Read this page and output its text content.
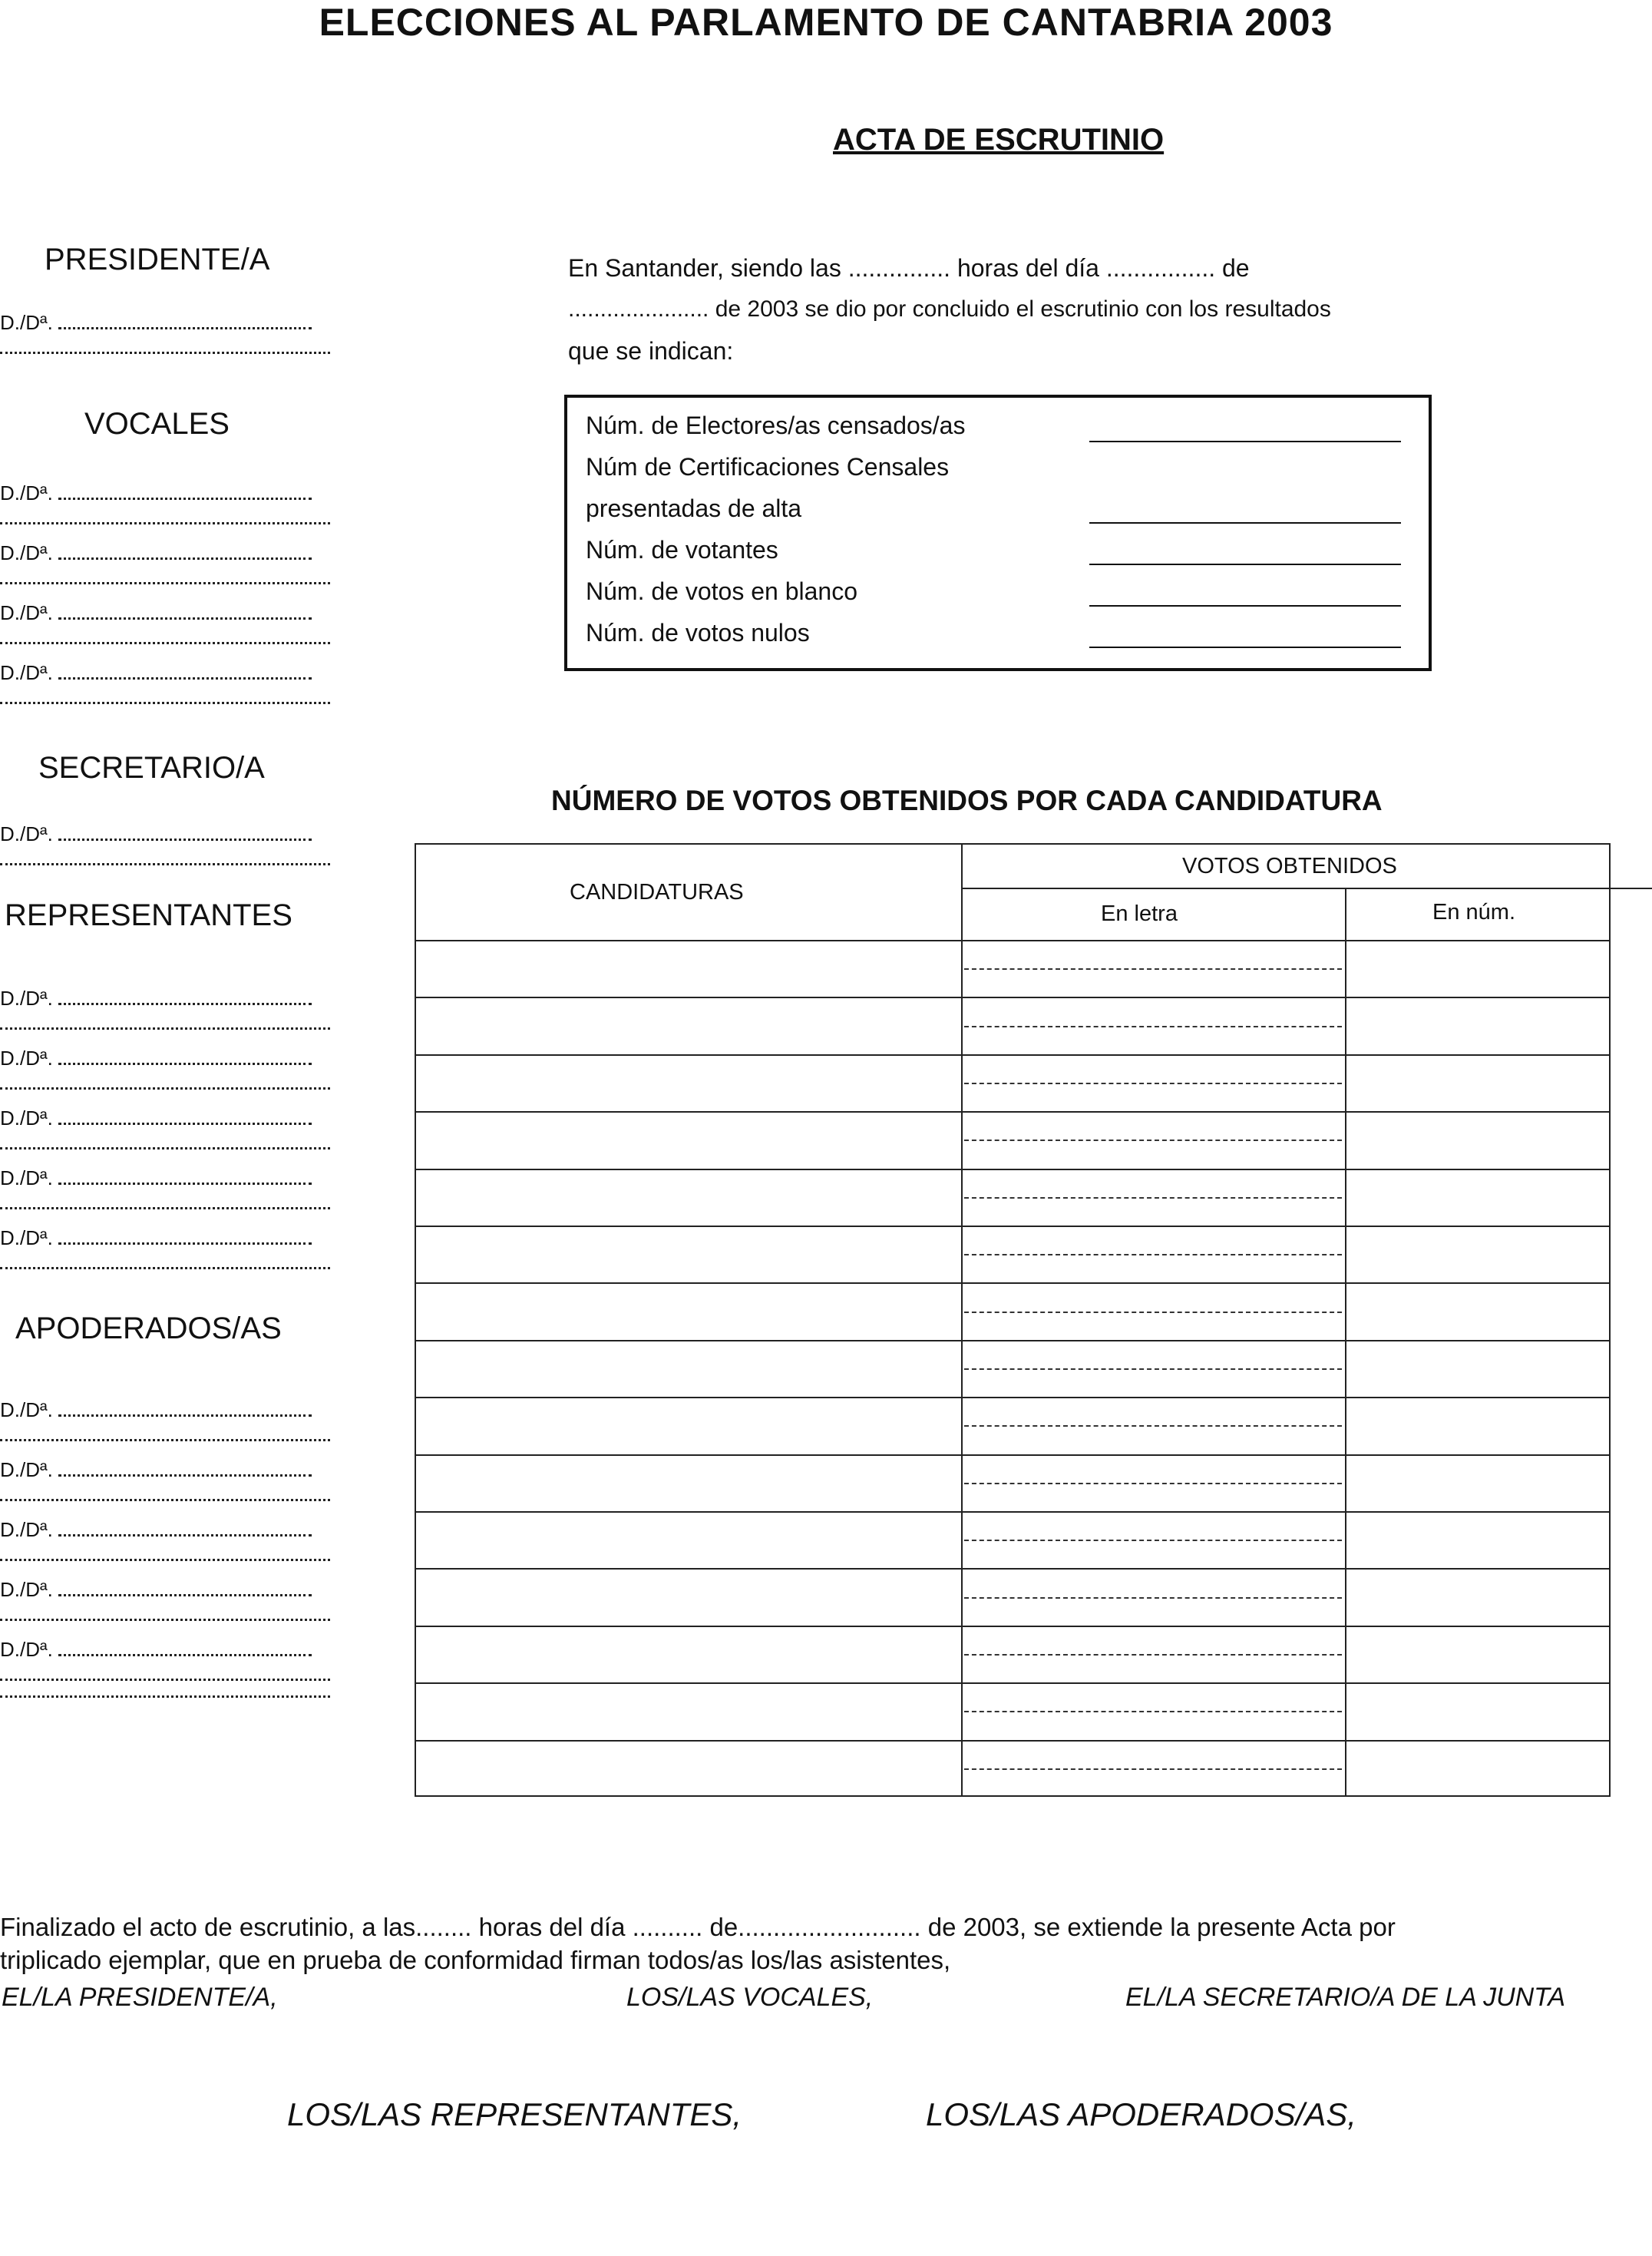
ELECCIONES AL PARLAMENTO DE CANTABRIA 2003
ACTA DE ESCRUTINIO
PRESIDENTE/A
VOCALES
SECRETARIO/A
REPRESENTANTES
APODERADOS/AS
D./Dª.
D./Dª.
D./Dª.
D./Dª.
D./Dª.
D./Dª.
D./Dª.
D./Dª.
D./Dª.
D./Dª.
D./Dª.
D./Dª.
D./Dª.
D./Dª.
D./Dª.
D./Dª.
En Santander, siendo las ............... horas del día ................ de
...................... de 2003 se dio por concluido el escrutinio con los resultados
que se indican:
Núm. de Electores/as censados/as
Núm de Certificaciones Censales
presentadas de alta
Núm. de votantes
Núm. de votos en blanco
Núm. de votos nulos
NÚMERO DE VOTOS OBTENIDOS POR CADA CANDIDATURA
CANDIDATURAS
VOTOS OBTENIDOS
En letra	En núm.
Finalizado el acto de escrutinio, a las........ horas del día .......... de.......................... de 2003, se extiende la presente Acta por
triplicado ejemplar, que en prueba de conformidad firman todos/as los/las asistentes,
EL/LA PRESIDENTE/A,	LOS/LAS VOCALES,	EL/LA SECRETARIO/A DE LA JUNTA
LOS/LAS REPRESENTANTES,	LOS/LAS APODERADOS/AS,
